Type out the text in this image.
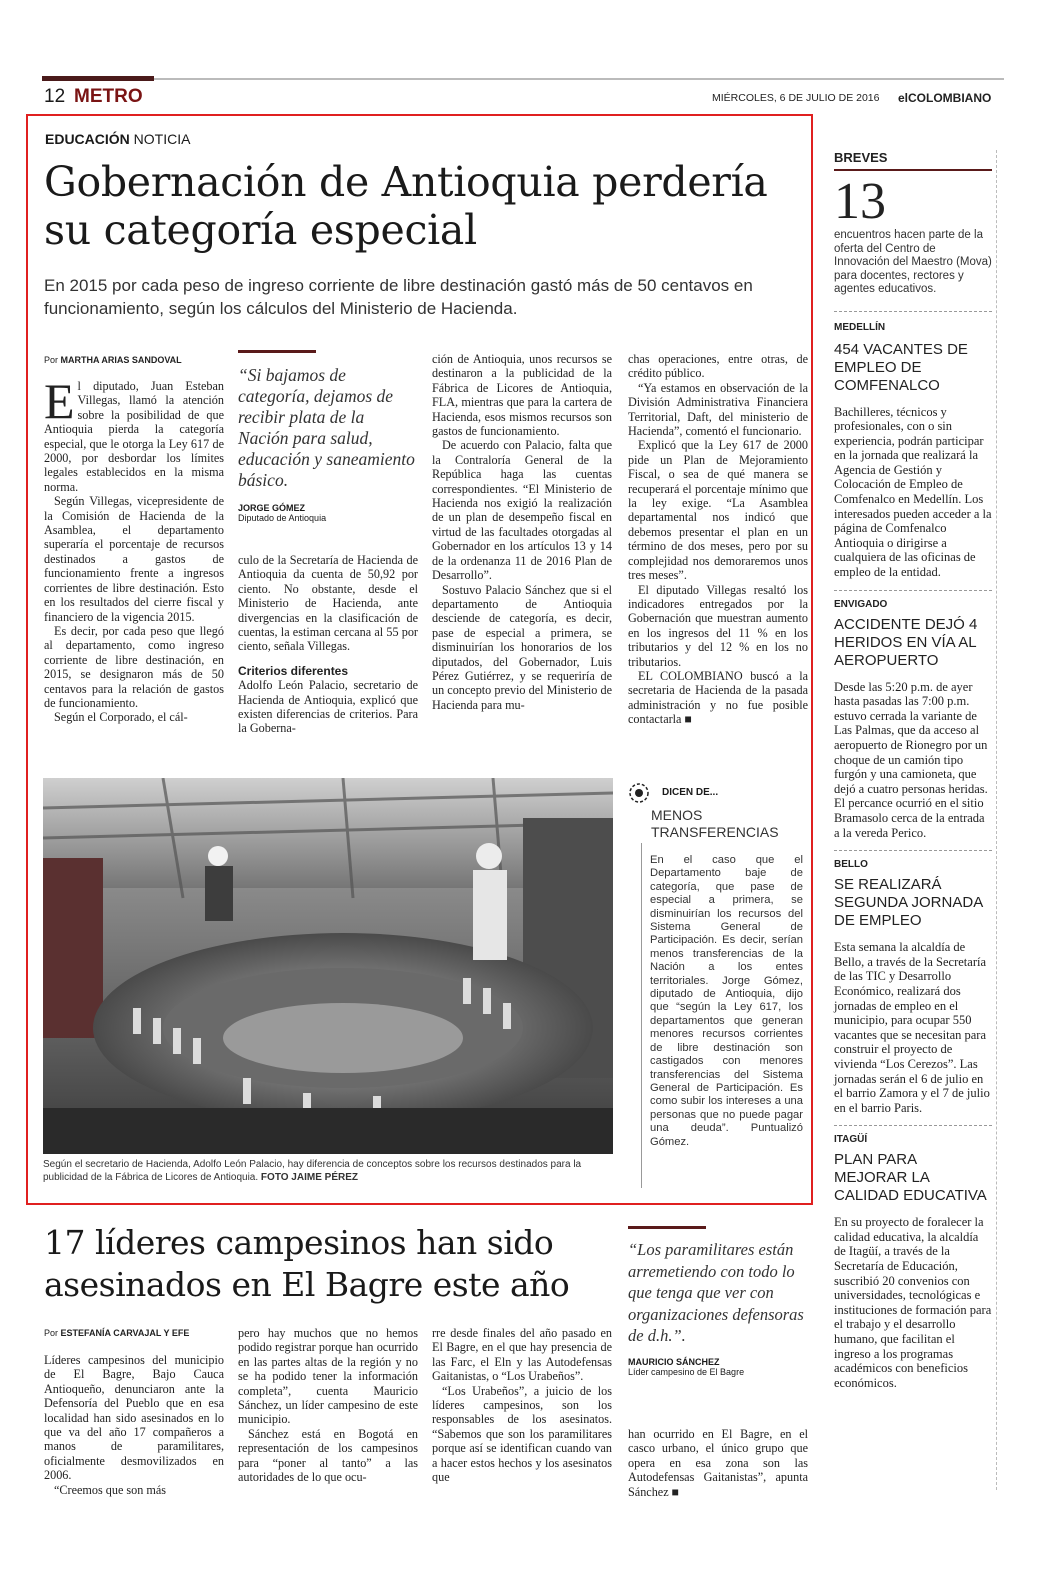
12 METRO	MIÉRCOLES, 6 DE JULIO DE 2016 elCOLOMBIANO
EDUCACIÓN NOTICIA
Gobernación de Antioquia perdería su categoría especial
En 2015 por cada peso de ingreso corriente de libre destinación gastó más de 50 centavos en funcionamiento, según los cálculos del Ministerio de Hacienda.
Por MARTHA ARIAS SANDOVAL

El diputado, Juan Esteban Villegas, llamó la atención sobre la posibilidad de que Antioquia pierda la categoría especial, que le otorga la Ley 617 de 2000, por desbordar los límites legales establecidos en la misma norma.

Según Villegas, vicepresidente de la Comisión de Hacienda de la Asamblea, el departamento superaría el porcentaje de recursos destinados a gastos de funcionamiento frente a ingresos corrientes de libre destinación. Esto en los resultados del cierre fiscal y financiero de la vigencia 2015.

Es decir, por cada peso que llegó al departamento, como ingreso corriente de libre destinación, en 2015, se designaron más de 50 centavos para la relación de gastos de funcionamiento.

Según el Corporado, el cál-

“Si bajamos de categoría, dejamos de recibir plata de la Nación para salud, educación y saneamiento básico.
JORGE GÓMEZ
Diputado de Antioquia

culo de la Secretaría de Hacienda de Antioquia da cuenta de 50,92 por ciento. No obstante, desde el Ministerio de Hacienda, ante divergencias en la clasificación de cuentas, la estiman cercana al 55 por ciento, señala Villegas.

Criterios diferentes

Adolfo León Palacio, secretario de Hacienda de Antioquia, explicó que existen diferencias de criterios. Para la Goberna-

ción de Antioquia, unos recursos se destinaron a la publicidad de la Fábrica de Licores de Antioquia, FLA, mientras que para la cartera de Hacienda, esos mismos recursos son gastos de funcionamiento.

De acuerdo con Palacio, falta que la Contraloría General de la República haga las cuentas correspondientes. “El Ministerio de Hacienda nos exigió la realización de un plan de desempeño fiscal en virtud de las facultades otorgadas al Gobernador en los artículos 13 y 14 de la ordenanza 11 de 2016 Plan de Desarrollo”.

Sostuvo Palacio Sánchez que si el departamento de Antioquia desciende de categoría, es decir, pase de especial a primera, se disminuirían los honorarios de los diputados, del Gobernador, Luis Pérez Gutiérrez, y se requeriría de un concepto previo del Ministerio de Hacienda para mu-

chas operaciones, entre otras, de crédito público.

“Ya estamos en observación de la División Administrativa Financiera Territorial, Daft, del ministerio de Hacienda”, comentó el funcionario.

Explicó que la Ley 617 de 2000 pide un Plan de Mejoramiento Fiscal, o sea de qué manera se recuperará el porcentaje mínimo que la ley exige. “La Asamblea departamental nos indicó que debemos presentar el plan en un término de dos meses, pero por su complejidad nos demoraremos unos tres meses”.

El diputado Villegas resaltó los indicadores entregados por la Gobernación que muestran aumento en los ingresos del 11 % en los tributarios y del 12 % en los no tributarios.

EL COLOMBIANO buscó a la secretaria de Hacienda de la pasada administración y no fue posible contactarla ■

Según el secretario de Hacienda, Adolfo León Palacio, hay diferencia de conceptos sobre los recursos destinados para la publicidad de la Fábrica de Licores de Antioquia. FOTO JAIME PÉREZ
DICEN DE...
MENOS TRANSFERENCIAS
En el caso que el Departamento baje de categoría, que pase de especial a primera, se disminuirían los recursos del Sistema General de Participación. Es decir, serían menos transferencias de la Nación a los entes territoriales. Jorge Gómez, diputado de Antioquia, dijo que “según la Ley 617, los departamentos que generan menores recursos corrientes de libre destinación son castigados con menores transferencias del Sistema General de Participación. Es como subir los intereses a una personas que no puede pagar una deuda”. Puntualizó Gómez.
17 líderes campesinos han sido asesinados en El Bagre este año
Por ESTEFANÍA CARVAJAL Y EFE

Líderes campesinos del municipio de El Bagre, Bajo Cauca Antioqueño, denunciaron ante la Defensoría del Pueblo que en esa localidad han sido asesinados en lo que va del año 17 compañeros a manos de paramilitares, oficialmente desmovilizados en 2006.

“Creemos que son más

pero hay muchos que no hemos podido registrar porque han ocurrido en las partes altas de la región y no se ha podido tener la información completa”, cuenta Mauricio Sánchez, un líder campesino de este municipio.

Sánchez está en Bogotá en representación de los campesinos para “poner al tanto” a las autoridades de lo que ocu-

rre desde finales del año pasado en El Bagre, en el que hay presencia de las Farc, el Eln y las Autodefensas Gaitanistas, o “Los Urabeños”.

“Los Urabeños”, a juicio de los líderes campesinos, son los responsables de los asesinatos. “Sabemos que son los paramilitares porque así se identifican cuando van a hacer estos hechos y los asesinatos que

“Los paramilitares están arremetiendo con todo lo que tenga que ver con organizaciones defensoras de d.h.”.
MAURICIO SÁNCHEZ
Líder campesino de El Bagre

han ocurrido en El Bagre, en el casco urbano, el único grupo que opera en esa zona son las Autodefensas Gaitanistas”, apunta Sánchez ■

BREVES
13
encuentros hacen parte de la oferta del Centro de Innovación del Maestro (Mova) para docentes, rectores y agentes educativos.
MEDELLÍN
454 VACANTES DE EMPLEO DE COMFENALCO
Bachilleres, técnicos y profesionales, con o sin experiencia, podrán participar en la jornada que realizará la Agencia de Gestión y Colocación de Empleo de Comfenalco en Medellín. Los interesados pueden acceder a la página de Comfenalco Antioquia o dirigirse a cualquiera de las oficinas de empleo de la entidad.
ENVIGADO
ACCIDENTE DEJÓ 4 HERIDOS EN VÍA AL AEROPUERTO
Desde las 5:20 p.m. de ayer hasta pasadas las 7:00 p.m. estuvo cerrada la variante de Las Palmas, que da acceso al aeropuerto de Rionegro por un choque de un camión tipo furgón y una camioneta, que dejó a cuatro personas heridas. El percance ocurrió en el sitio Bramasolo cerca de la entrada a la vereda Perico.
BELLO
SE REALIZARÁ SEGUNDA JORNADA DE EMPLEO
Esta semana la alcaldía de Bello, a través de la Secretaría de las TIC y Desarrollo Económico, realizará dos jornadas de empleo en el municipio, para ocupar 550 vacantes que se necesitan para construir el proyecto de vivienda “Los Cerezos”. Las jornadas serán el 6 de julio en el barrio Zamora y el 7 de julio en el barrio Paris.
ITAGÜÍ
PLAN PARA MEJORAR LA CALIDAD EDUCATIVA
En su proyecto de foralecer la calidad educativa, la alcaldía de Itagüí, a través de la Secretaría de Educación, suscribió 20 convenios con universidades, tecnológicas e instituciones de formación para el trabajo y el desarrollo humano, que facilitan el ingreso a los programas académicos con beneficios económicos.
